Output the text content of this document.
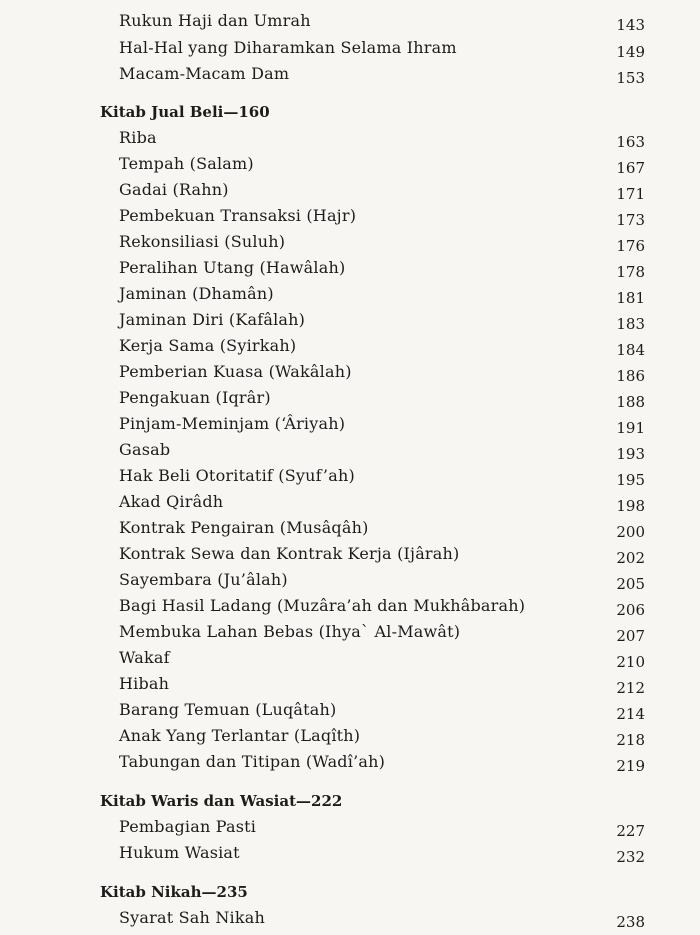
Rukun Haji dan Umrah	143
Hal-Hal yang Diharamkan Selama Ihram	149
Macam-Macam Dam	153
Kitab Jual Beli—160
Riba	163
Tempah (Salam)	167
Gadai (Rahn)	171
Pembekuan Transaksi (Hajr)	173
Rekonsiliasi (Suluh)	176
Peralihan Utang (Hawâlah)	178
Jaminan (Dhamân)	181
Jaminan Diri (Kafâlah)	183
Kerja Sama (Syirkah)	184
Pemberian Kuasa (Wakâlah)	186
Pengakuan (Iqrâr)	188
Pinjam-Meminjam (‘Âriyah)	191
Gasab	193
Hak Beli Otoritatif (Syuf’ah)	195
Akad Qirâdh	198
Kontrak Pengairan (Musâqâh)	200
Kontrak Sewa dan Kontrak Kerja (Ijârah)	202
Sayembara (Ju’âlah)	205
Bagi Hasil Ladang (Muzâra’ah dan Mukhâbarah)	206
Membuka Lahan Bebas (Ihya` Al-Mawât)	207
Wakaf	210
Hibah	212
Barang Temuan (Luqâtah)	214
Anak Yang Terlantar (Laqîth)	218
Tabungan dan Titipan (Wadî’ah)	219
Kitab Waris dan Wasiat—222
Pembagian Pasti	227
Hukum Wasiat	232
Kitab Nikah—235
Syarat Sah Nikah	238
